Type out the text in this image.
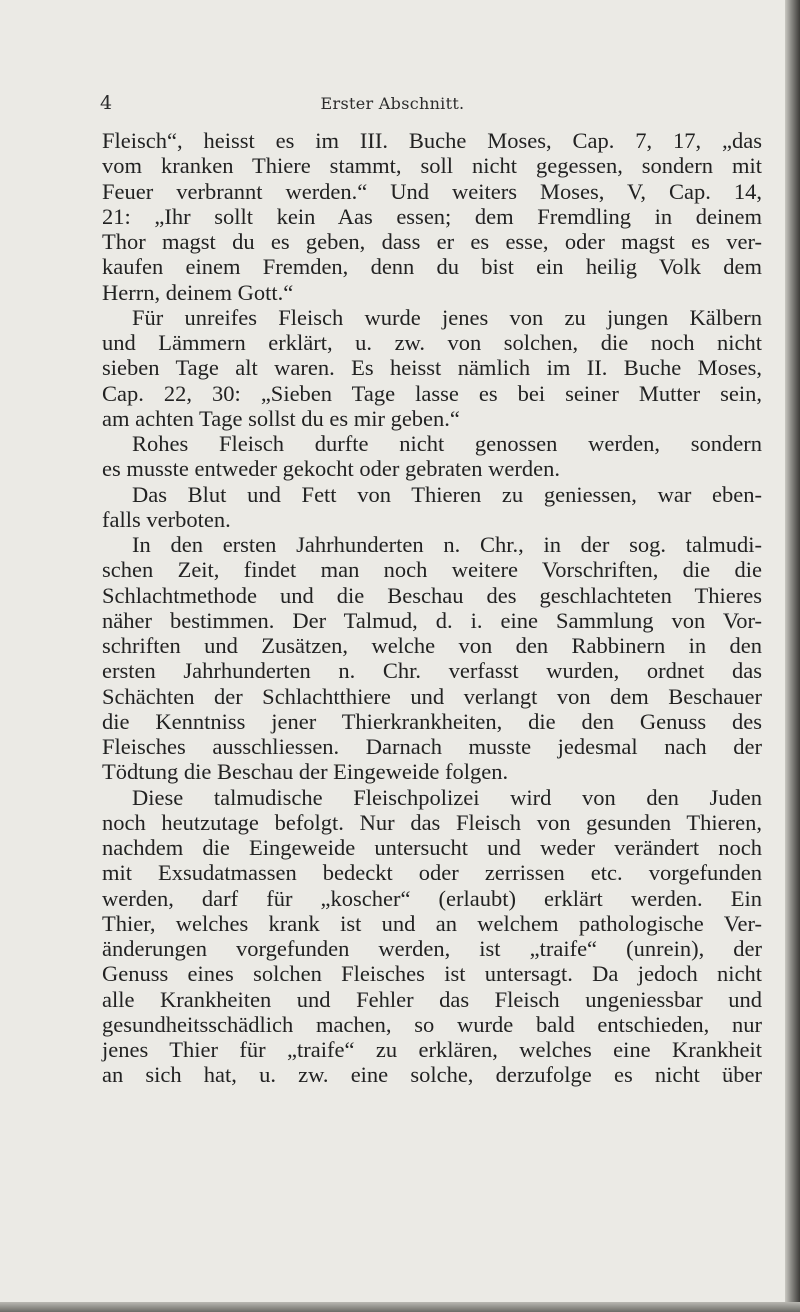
4	Erster Abschnitt.
Fleisch“, heisst es im III. Buche Moses, Cap. 7, 17, „das
vom kranken Thiere stammt, soll nicht gegessen, sondern mit
Feuer verbrannt werden.“ Und weiters Moses, V, Cap. 14,
21: „Ihr sollt kein Aas essen; dem Fremdling in deinem
Thor magst du es geben, dass er es esse, oder magst es ver-
kaufen einem Fremden, denn du bist ein heilig Volk dem
Herrn, deinem Gott.“
Für unreifes Fleisch wurde jenes von zu jungen Kälbern
und Lämmern erklärt, u. zw. von solchen, die noch nicht
sieben Tage alt waren. Es heisst nämlich im II. Buche Moses,
Cap. 22, 30: „Sieben Tage lasse es bei seiner Mutter sein,
am achten Tage sollst du es mir geben.“
Rohes Fleisch durfte nicht genossen werden, sondern
es musste entweder gekocht oder gebraten werden.
Das Blut und Fett von Thieren zu geniessen, war eben-
falls verboten.
In den ersten Jahrhunderten n. Chr., in der sog. talmudi-
schen Zeit, findet man noch weitere Vorschriften, die die
Schlachtmethode und die Beschau des geschlachteten Thieres
näher bestimmen. Der Talmud, d. i. eine Sammlung von Vor-
schriften und Zusätzen, welche von den Rabbinern in den
ersten Jahrhunderten n. Chr. verfasst wurden, ordnet das
Schächten der Schlachtthiere und verlangt von dem Beschauer
die Kenntniss jener Thierkrankheiten, die den Genuss des
Fleisches ausschliessen. Darnach musste jedesmal nach der
Tödtung die Beschau der Eingeweide folgen.
Diese talmudische Fleischpolizei wird von den Juden
noch heutzutage befolgt. Nur das Fleisch von gesunden Thieren,
nachdem die Eingeweide untersucht und weder verändert noch
mit Exsudatmassen bedeckt oder zerrissen etc. vorgefunden
werden, darf für „koscher“ (erlaubt) erklärt werden. Ein
Thier, welches krank ist und an welchem pathologische Ver-
änderungen vorgefunden werden, ist „traife“ (unrein), der
Genuss eines solchen Fleisches ist untersagt. Da jedoch nicht
alle Krankheiten und Fehler das Fleisch ungeniessbar und
gesundheitsschädlich machen, so wurde bald entschieden, nur
jenes Thier für „traife“ zu erklären, welches eine Krankheit
an sich hat, u. zw. eine solche, derzufolge es nicht über
